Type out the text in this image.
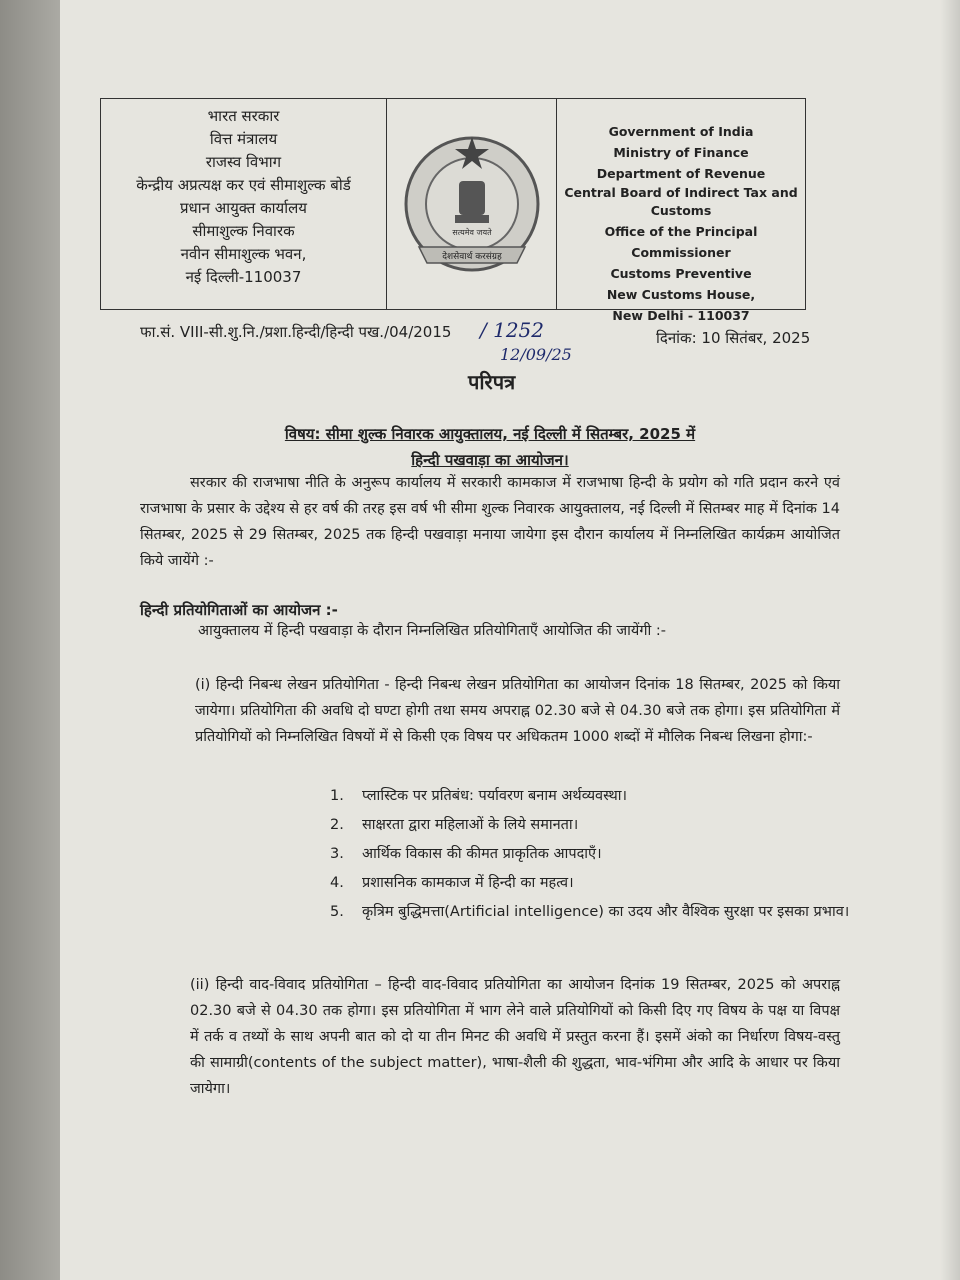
भारत सरकार
वित्त मंत्रालय
राजस्व विभाग
केन्द्रीय अप्रत्यक्ष कर एवं सीमाशुल्क बोर्ड
प्रधान आयुक्त कार्यालय
सीमाशुल्क निवारक
नवीन सीमाशुल्क भवन,
नई दिल्ली-110037
सत्यमेव जयते
देशसेवार्थ करसंग्रह
Government of India
Ministry of Finance
Department of Revenue
Central Board of Indirect Tax and
Customs
Office of the Principal Commissioner
Customs Preventive
New Customs House,
New Delhi - 110037
फा.सं. VIII-सी.शु.नि./प्रशा.हिन्दी/हिन्दी पख./04/2015 / 1252
12/09/25
दिनांक: 10 सितंबर, 2025
परिपत्र
विषय: सीमा शुल्क निवारक आयुक्तालय, नई दिल्ली में सितम्बर, 2025 में
हिन्दी पखवाड़ा का आयोजन।
सरकार की राजभाषा नीति के अनुरूप कार्यालय में सरकारी कामकाज में राजभाषा हिन्दी के प्रयोग को गति प्रदान करने एवं राजभाषा के प्रसार के उद्देश्य से हर वर्ष की तरह इस वर्ष भी सीमा शुल्क निवारक आयुक्तालय, नई दिल्ली में सितम्बर माह में दिनांक 14 सितम्बर, 2025 से 29 सितम्बर, 2025 तक हिन्दी पखवाड़ा मनाया जायेगा इस दौरान कार्यालय में निम्नलिखित कार्यक्रम आयोजित किये जायेंगे :-
हिन्दी प्रतियोगिताओं का आयोजन :-
आयुक्तालय में हिन्दी पखवाड़ा के दौरान निम्नलिखित प्रतियोगिताएँ आयोजित की जायेंगी :-
(i) हिन्दी निबन्ध लेखन प्रतियोगिता - हिन्दी निबन्ध लेखन प्रतियोगिता का आयोजन दिनांक 18 सितम्बर, 2025 को किया जायेगा। प्रतियोगिता की अवधि दो घण्टा होगी तथा समय अपराह्न 02.30 बजे से 04.30 बजे तक होगा। इस प्रतियोगिता में प्रतियोगियों को निम्नलिखित विषयों में से किसी एक विषय पर अधिकतम 1000 शब्दों में मौलिक निबन्ध लिखना होगा:-
1.	प्लास्टिक पर प्रतिबंध: पर्यावरण बनाम अर्थव्यवस्था।
2.	साक्षरता द्वारा महिलाओं के लिये समानता।
3.	आर्थिक विकास की कीमत प्राकृतिक आपदाएँ।
4.	प्रशासनिक कामकाज में हिन्दी का महत्व।
5.	कृत्रिम बुद्धिमत्ता(Artificial intelligence) का उदय और वैश्विक सुरक्षा पर इसका प्रभाव।
(ii) हिन्दी वाद-विवाद प्रतियोगिता – हिन्दी वाद-विवाद प्रतियोगिता का आयोजन दिनांक 19 सितम्बर, 2025 को अपराह्न 02.30 बजे से 04.30 तक होगा। इस प्रतियोगिता में भाग लेने वाले प्रतियोगियों को किसी दिए गए विषय के पक्ष या विपक्ष में तर्क व तथ्यों के साथ अपनी बात को दो या तीन मिनट की अवधि में प्रस्तुत करना हैं। इसमें अंको का निर्धारण विषय-वस्तु की सामाग्री(contents of the subject matter), भाषा-शैली की शुद्धता, भाव-भंगिमा और आदि के आधार पर किया जायेगा।
